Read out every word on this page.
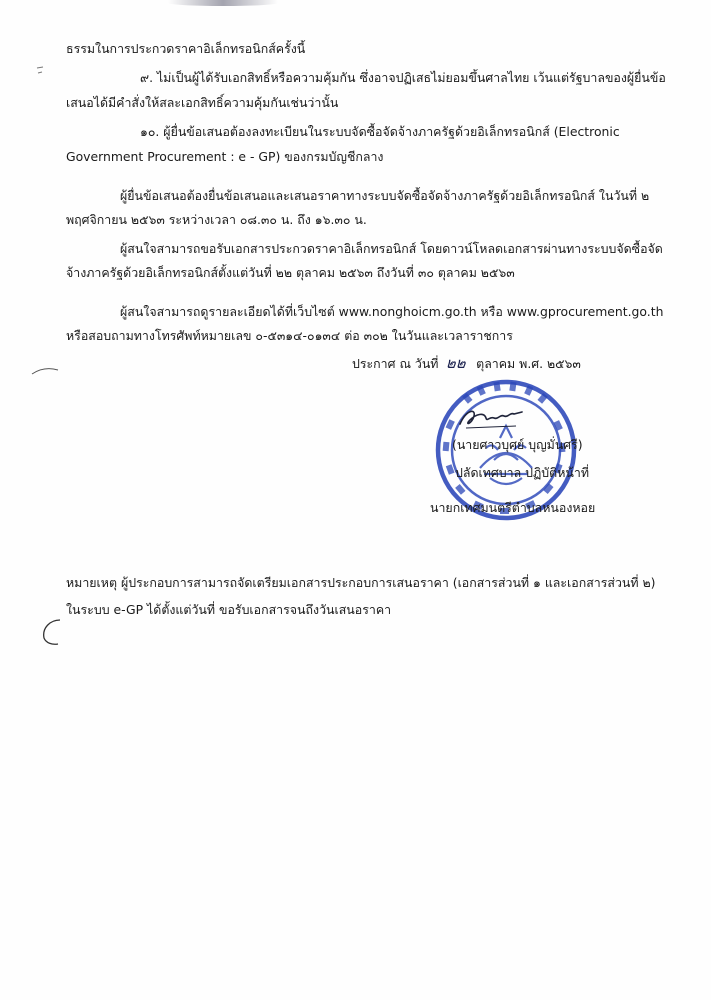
ธรรมในการประกวดราคาอิเล็กทรอนิกส์ครั้งนี้
๙. ไม่เป็นผู้ได้รับเอกสิทธิ์หรือความคุ้มกัน ซึ่งอาจปฏิเสธไม่ยอมขึ้นศาลไทย เว้นแต่รัฐบาลของผู้ยื่นข้อ
เสนอได้มีคำสั่งให้สละเอกสิทธิ์ความคุ้มกันเช่นว่านั้น
๑๐. ผู้ยื่นข้อเสนอต้องลงทะเบียนในระบบจัดซื้อจัดจ้างภาครัฐด้วยอิเล็กทรอนิกส์ (Electronic
Government Procurement : e - GP) ของกรมบัญชีกลาง
ผู้ยื่นข้อเสนอต้องยื่นข้อเสนอและเสนอราคาทางระบบจัดซื้อจัดจ้างภาครัฐด้วยอิเล็กทรอนิกส์ ในวันที่ ๒
พฤศจิกายน ๒๕๖๓ ระหว่างเวลา ๐๘.๓๐ น. ถึง ๑๖.๓๐ น.
ผู้สนใจสามารถขอรับเอกสารประกวดราคาอิเล็กทรอนิกส์ โดยดาวน์โหลดเอกสารผ่านทางระบบจัดซื้อจัด
จ้างภาครัฐด้วยอิเล็กทรอนิกส์ตั้งแต่วันที่ ๒๒ ตุลาคม ๒๕๖๓ ถึงวันที่ ๓๐ ตุลาคม ๒๕๖๓
ผู้สนใจสามารถดูรายละเอียดได้ที่เว็บไซต์ www.nonghoicm.go.th หรือ www.gprocurement.go.th
หรือสอบถามทางโทรศัพท์หมายเลข ๐-๕๓๑๔-๐๑๓๔ ต่อ ๓๐๒ ในวันและเวลาราชการ
ประกาศ ณ วันที่ ๒๒ ตุลาคม พ.ศ. ๒๕๖๓
(นายศาวบุศย์ บุญมั่นศรี)
ปลัดเทศบาล ปฏิบัติหน้าที่
นายกเทศมนตรีตำบลหนองหอย
หมายเหตุ ผู้ประกอบการสามารถจัดเตรียมเอกสารประกอบการเสนอราคา (เอกสารส่วนที่ ๑ และเอกสารส่วนที่ ๒)
ในระบบ e-GP ได้ตั้งแต่วันที่ ขอรับเอกสารจนถึงวันเสนอราคา
